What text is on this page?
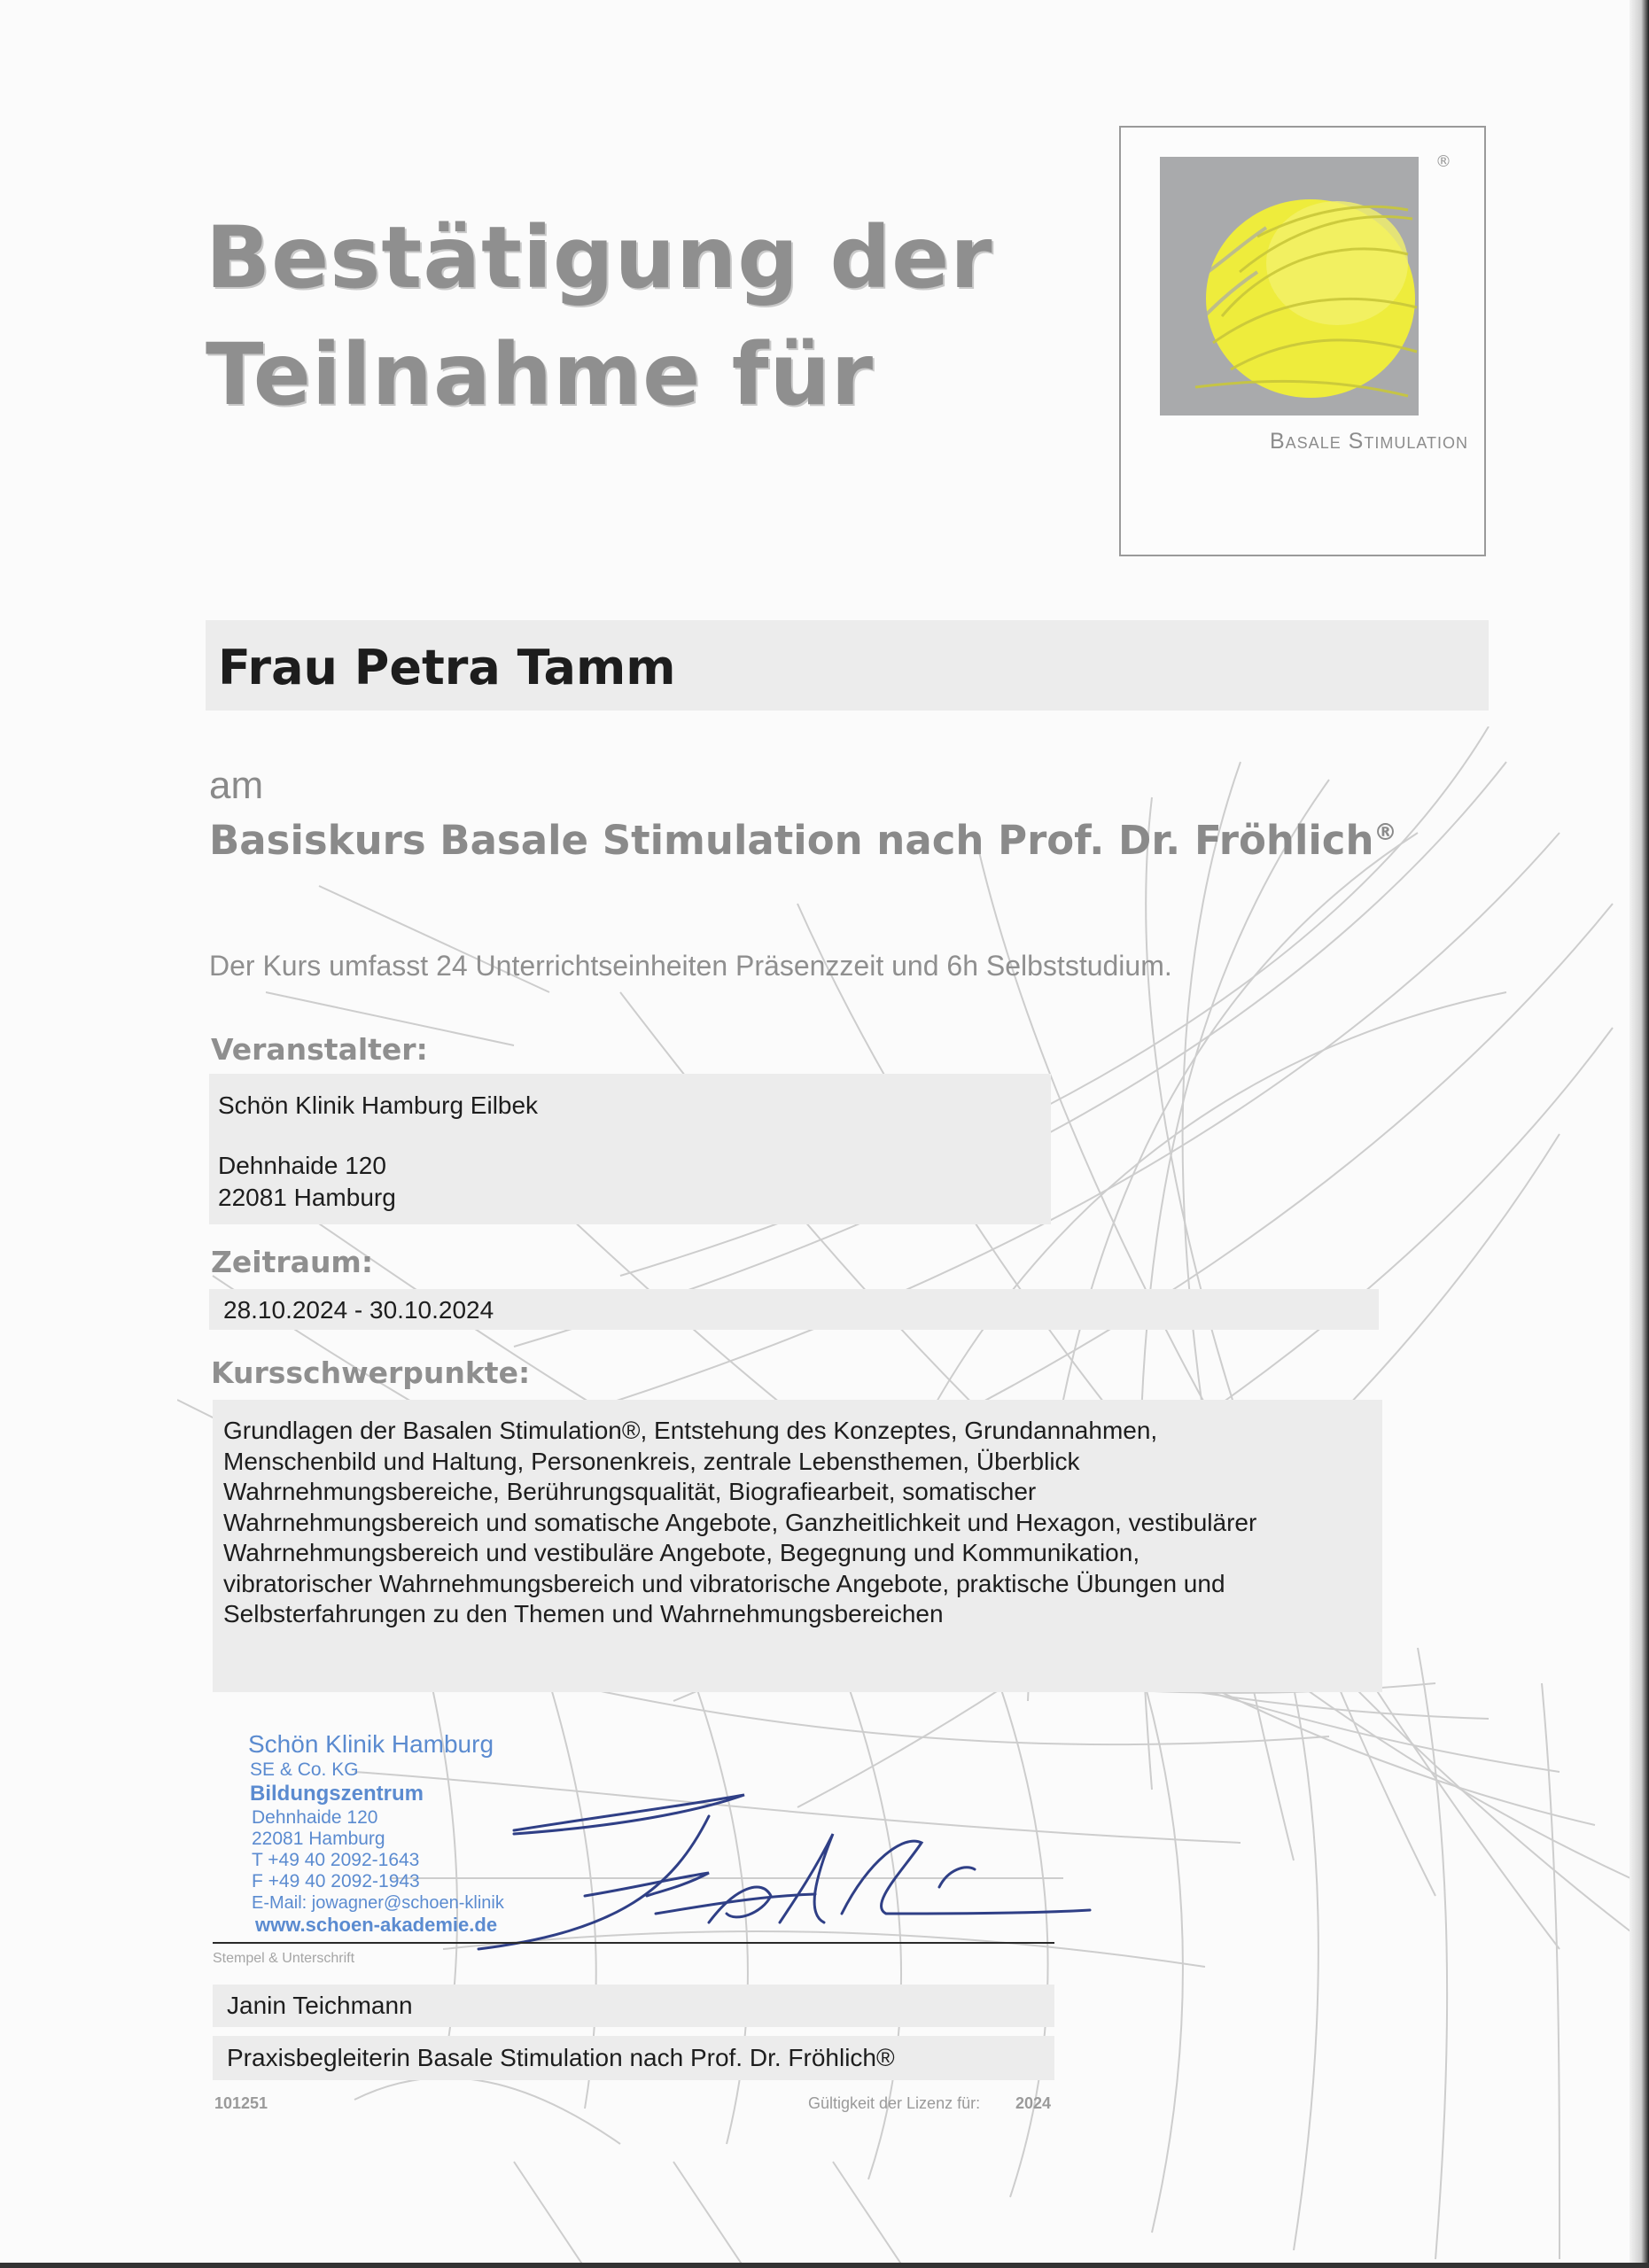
Bestätigung der
Teilnahme für
®
Basale Stimulation
Frau Petra Tamm
am
Basiskurs Basale Stimulation nach Prof. Dr. Fröhlich®
Der Kurs umfasst 24 Unterrichtseinheiten Präsenzzeit und 6h Selbststudium.
Veranstalter:
Schön Klinik Hamburg Eilbek
Dehnhaide 120
22081 Hamburg
Zeitraum:
28.10.2024 - 30.10.2024
Kursschwerpunkte:
Grundlagen der Basalen Stimulation®, Entstehung des Konzeptes, Grundannahmen,
Menschenbild und Haltung, Personenkreis, zentrale Lebensthemen, Überblick
Wahrnehmungsbereiche, Berührungsqualität, Biografiearbeit, somatischer
Wahrnehmungsbereich und somatische Angebote, Ganzheitlichkeit und Hexagon, vestibulärer
Wahrnehmungsbereich und vestibuläre Angebote, Begegnung und Kommunikation,
vibratorischer Wahrnehmungsbereich und vibratorische Angebote, praktische Übungen und
Selbsterfahrungen zu den Themen und Wahrnehmungsbereichen
Schön Klinik Hamburg
SE & Co. KG
Bildungszentrum
Dehnhaide 120
22081 Hamburg
T +49 40 2092-1643
F +49 40 2092-1943
E-Mail: jowagner@schoen-klinik
www.schoen-akademie.de
Stempel & Unterschrift
Janin Teichmann
Praxisbegleiterin Basale Stimulation nach Prof. Dr. Fröhlich®
101251	Gültigkeit der Lizenz für: 2024
